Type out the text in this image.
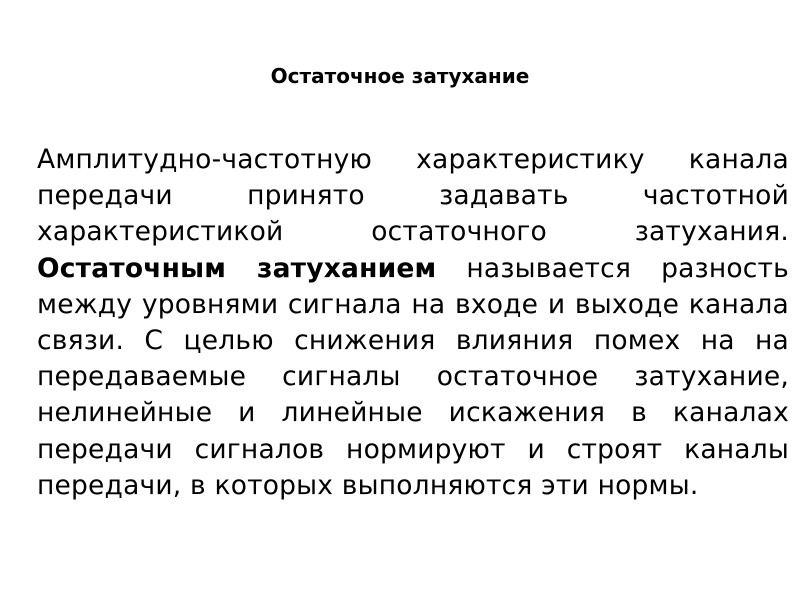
Остаточное затухание

Амплитудно-частотную характеристику канала передачи принято задавать частотной характеристикой остаточного затухания. Остаточным затуханием называется разность между уровнями сигнала на входе и выходе канала связи. С целью снижения влияния помех на на передаваемые сигналы остаточное затухание, нелинейные и линейные искажения в каналах передачи сигналов нормируют и строят каналы передачи, в которых выполняются эти нормы.
